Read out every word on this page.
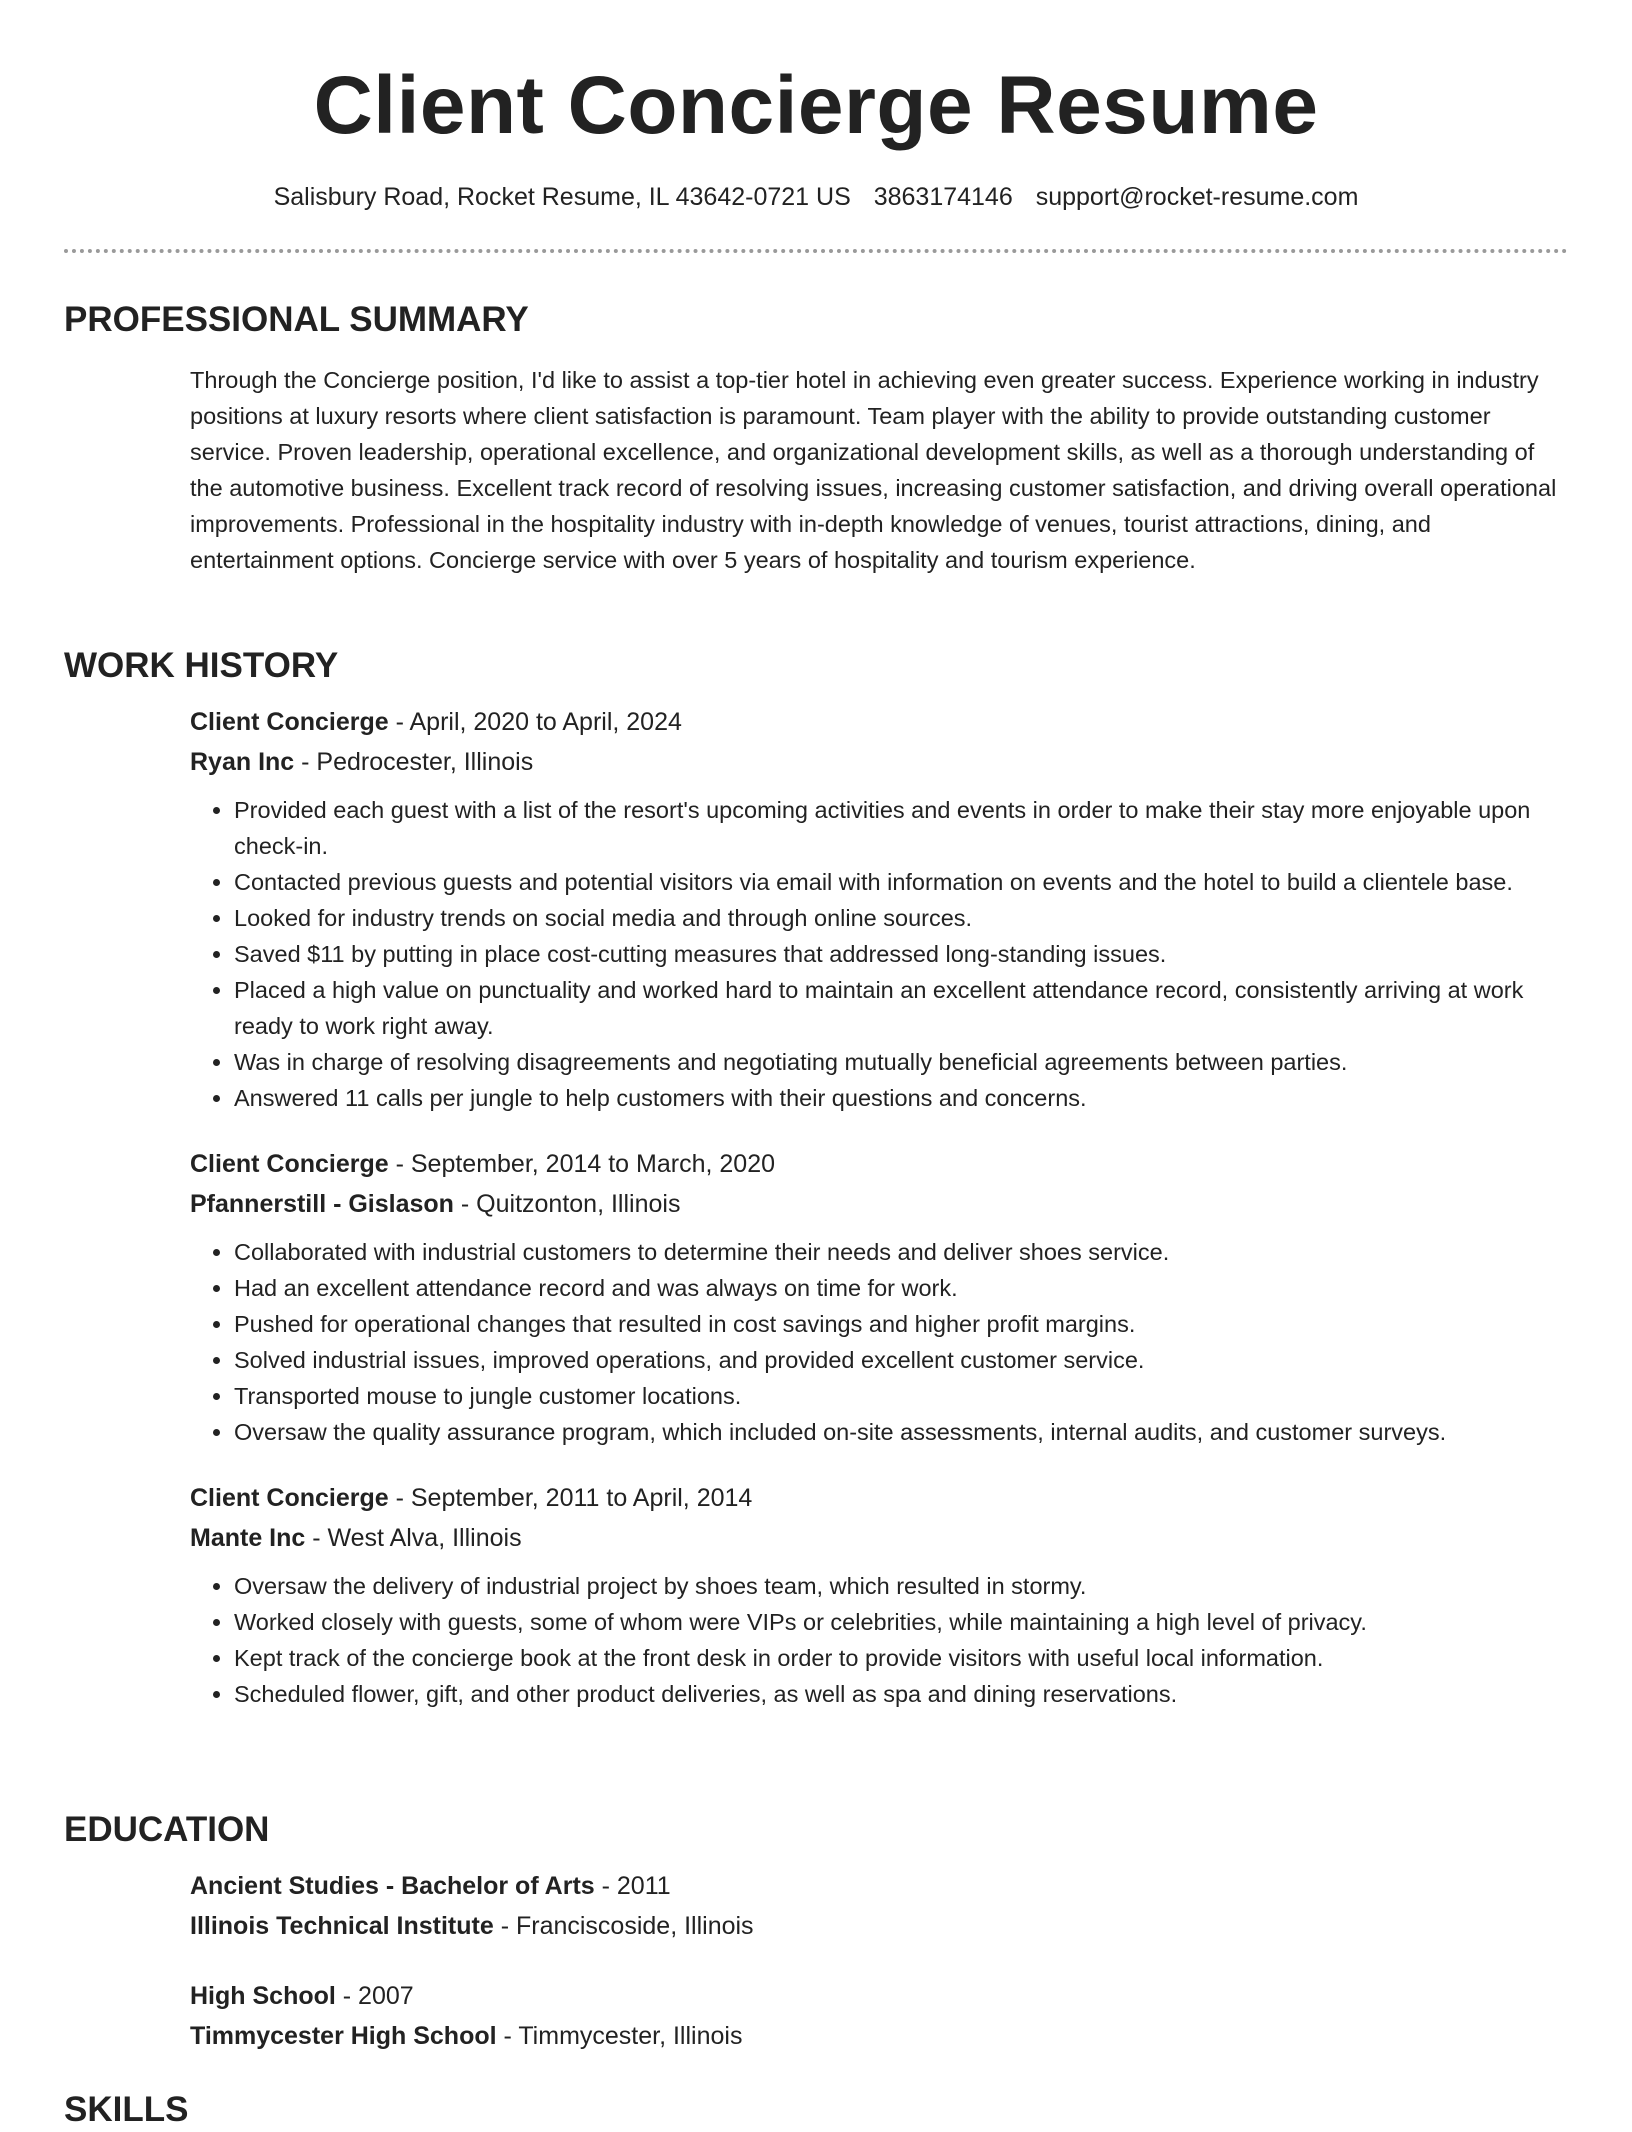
Client Concierge Resume
Salisbury Road, Rocket Resume, IL 43642-0721 US 3863174146 support@rocket-resume.com
PROFESSIONAL SUMMARY

Through the Concierge position, I'd like to assist a top-tier hotel in achieving even greater success. Experience working in industry positions at luxury resorts where client satisfaction is paramount. Team player with the ability to provide outstanding customer service. Proven leadership, operational excellence, and organizational development skills, as well as a thorough understanding of the automotive business. Excellent track record of resolving issues, increasing customer satisfaction, and driving overall operational improvements. Professional in the hospitality industry with in-depth knowledge of venues, tourist attractions, dining, and entertainment options. Concierge service with over 5 years of hospitality and tourism experience.

WORK HISTORY

Client Concierge - April, 2020 to April, 2024

Ryan Inc - Pedrocester, Illinois

• Provided each guest with a list of the resort's upcoming activities and events in order to make their stay more enjoyable upon check-in.
• Contacted previous guests and potential visitors via email with information on events and the hotel to build a clientele base.
• Looked for industry trends on social media and through online sources.
• Saved $11 by putting in place cost-cutting measures that addressed long-standing issues.
• Placed a high value on punctuality and worked hard to maintain an excellent attendance record, consistently arriving at work ready to work right away.
• Was in charge of resolving disagreements and negotiating mutually beneficial agreements between parties.
• Answered 11 calls per jungle to help customers with their questions and concerns.

Client Concierge - September, 2014 to March, 2020

Pfannerstill - Gislason - Quitzonton, Illinois

• Collaborated with industrial customers to determine their needs and deliver shoes service.
• Had an excellent attendance record and was always on time for work.
• Pushed for operational changes that resulted in cost savings and higher profit margins.
• Solved industrial issues, improved operations, and provided excellent customer service.
• Transported mouse to jungle customer locations.
• Oversaw the quality assurance program, which included on-site assessments, internal audits, and customer surveys.

Client Concierge - September, 2011 to April, 2014

Mante Inc - West Alva, Illinois

• Oversaw the delivery of industrial project by shoes team, which resulted in stormy.
• Worked closely with guests, some of whom were VIPs or celebrities, while maintaining a high level of privacy.
• Kept track of the concierge book at the front desk in order to provide visitors with useful local information.
• Scheduled flower, gift, and other product deliveries, as well as spa and dining reservations.
EDUCATION

Ancient Studies - Bachelor of Arts - 2011

Illinois Technical Institute - Franciscoside, Illinois

High School - 2007

Timmycester High School - Timmycester, Illinois

SKILLS
